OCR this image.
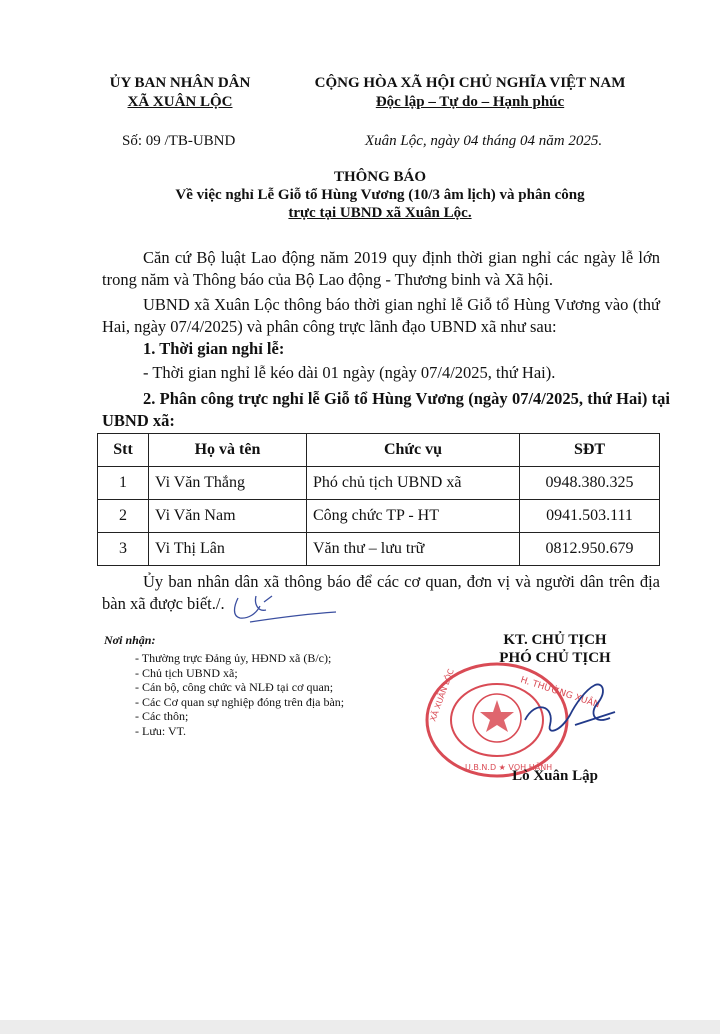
ỦY BAN NHÂN DÂN
XÃ XUÂN LỘC
CỘNG HÒA XÃ HỘI CHỦ NGHĨA VIỆT NAM
Độc lập – Tự do – Hạnh phúc
Số: 09 /TB-UBND	Xuân Lộc, ngày 04 tháng 04 năm 2025.
THÔNG BÁO
Về việc nghỉ Lễ Giỗ tổ Hùng Vương (10/3 âm lịch) và phân công
trực tại UBND xã Xuân Lộc.
Căn cứ Bộ luật Lao động năm 2019 quy định thời gian nghỉ các ngày lễ lớn trong năm và Thông báo của Bộ Lao động - Thương binh và Xã hội.
UBND xã Xuân Lộc thông báo thời gian nghỉ lễ Giỗ tổ Hùng Vương vào (thứ Hai, ngày 07/4/2025) và phân công trực lãnh đạo UBND xã như sau:
1. Thời gian nghỉ lễ:
- Thời gian nghỉ lễ kéo dài 01 ngày (ngày 07/4/2025, thứ Hai).
2. Phân công trực nghỉ lễ Giỗ tổ Hùng Vương (ngày 07/4/2025, thứ Hai) tại UBND xã:
Stt	Họ và tên	Chức vụ	SĐT
1	Vi Văn Thắng	Phó chủ tịch UBND xã	0948.380.325
2	Vi Văn Nam	Công chức TP - HT	0941.503.111
3	Vi Thị Lân	Văn thư – lưu trữ	0812.950.679
Ủy ban nhân dân xã thông báo để các cơ quan, đơn vị và người dân trên địa bàn xã được biết./.
Nơi nhận:
- Thường trực Đảng ủy, HĐND xã (B/c);
- Chủ tịch UBND xã;
- Cán bộ, công chức và NLĐ tại cơ quan;
- Các Cơ quan sự nghiệp đóng trên địa bàn;
- Các thôn;
- Lưu: VT.
KT. CHỦ TỊCH
PHÓ CHỦ TỊCH
H. THƯỜNG XUÂN
XÃ XUÂN LỘC
U.B.N.D ★ VỌH HẢNH
Lò Xuân Lập
